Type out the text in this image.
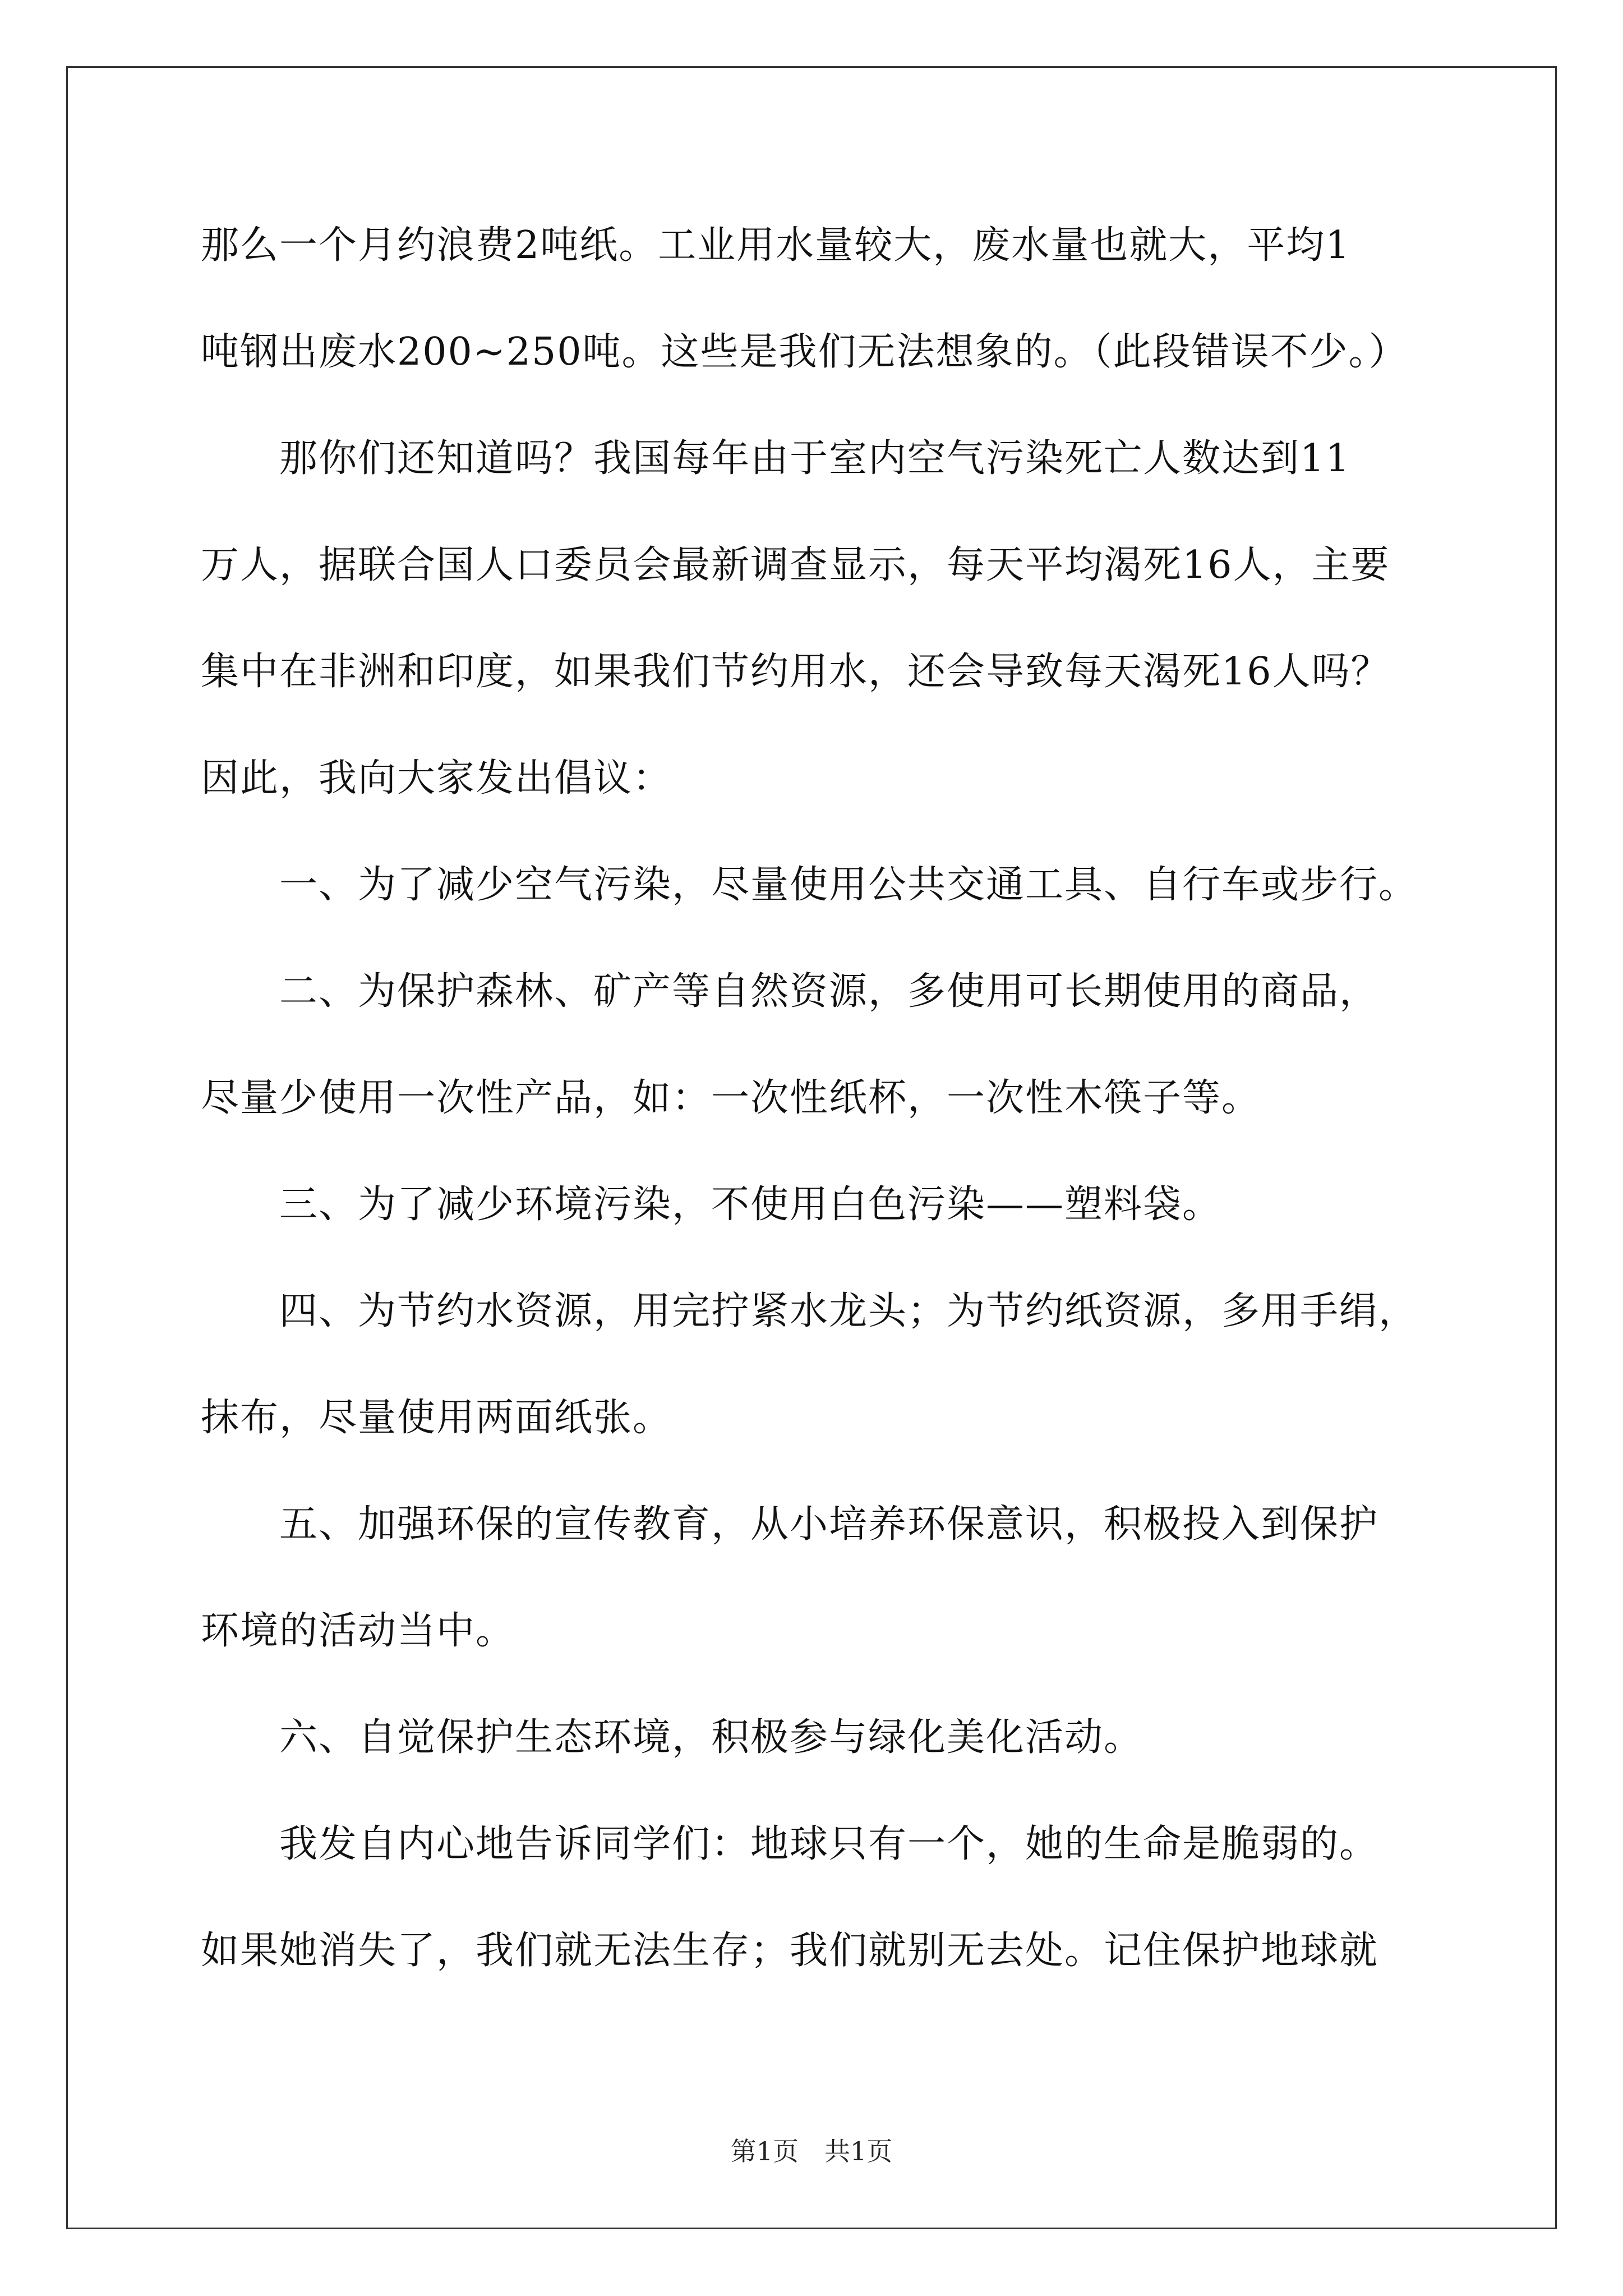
那么一个月约浪费2吨纸。工业用水量较大，废水量也就大，平均1
吨钢出废水200~250吨。这些是我们无法想象的。（此段错误不少。）
　　那你们还知道吗？我国每年由于室内空气污染死亡人数达到11
万人，据联合国人口委员会最新调查显示，每天平均渴死16人，主要
集中在非洲和印度，如果我们节约用水，还会导致每天渴死16人吗？
因此，我向大家发出倡议：
　　一、为了减少空气污染，尽量使用公共交通工具、自行车或步行。
　　二、为保护森林、矿产等自然资源，多使用可长期使用的商品，
尽量少使用一次性产品，如：一次性纸杯，一次性木筷子等。
　　三、为了减少环境污染，不使用白色污染——塑料袋。
　　四、为节约水资源，用完拧紧水龙头；为节约纸资源，多用手绢，
抹布，尽量使用两面纸张。
　　五、加强环保的宣传教育，从小培养环保意识，积极投入到保护
环境的活动当中。
　　六、自觉保护生态环境，积极参与绿化美化活动。
　　我发自内心地告诉同学们：地球只有一个，她的生命是脆弱的。
如果她消失了，我们就无法生存；我们就别无去处。记住保护地球就
第1页　共1页
